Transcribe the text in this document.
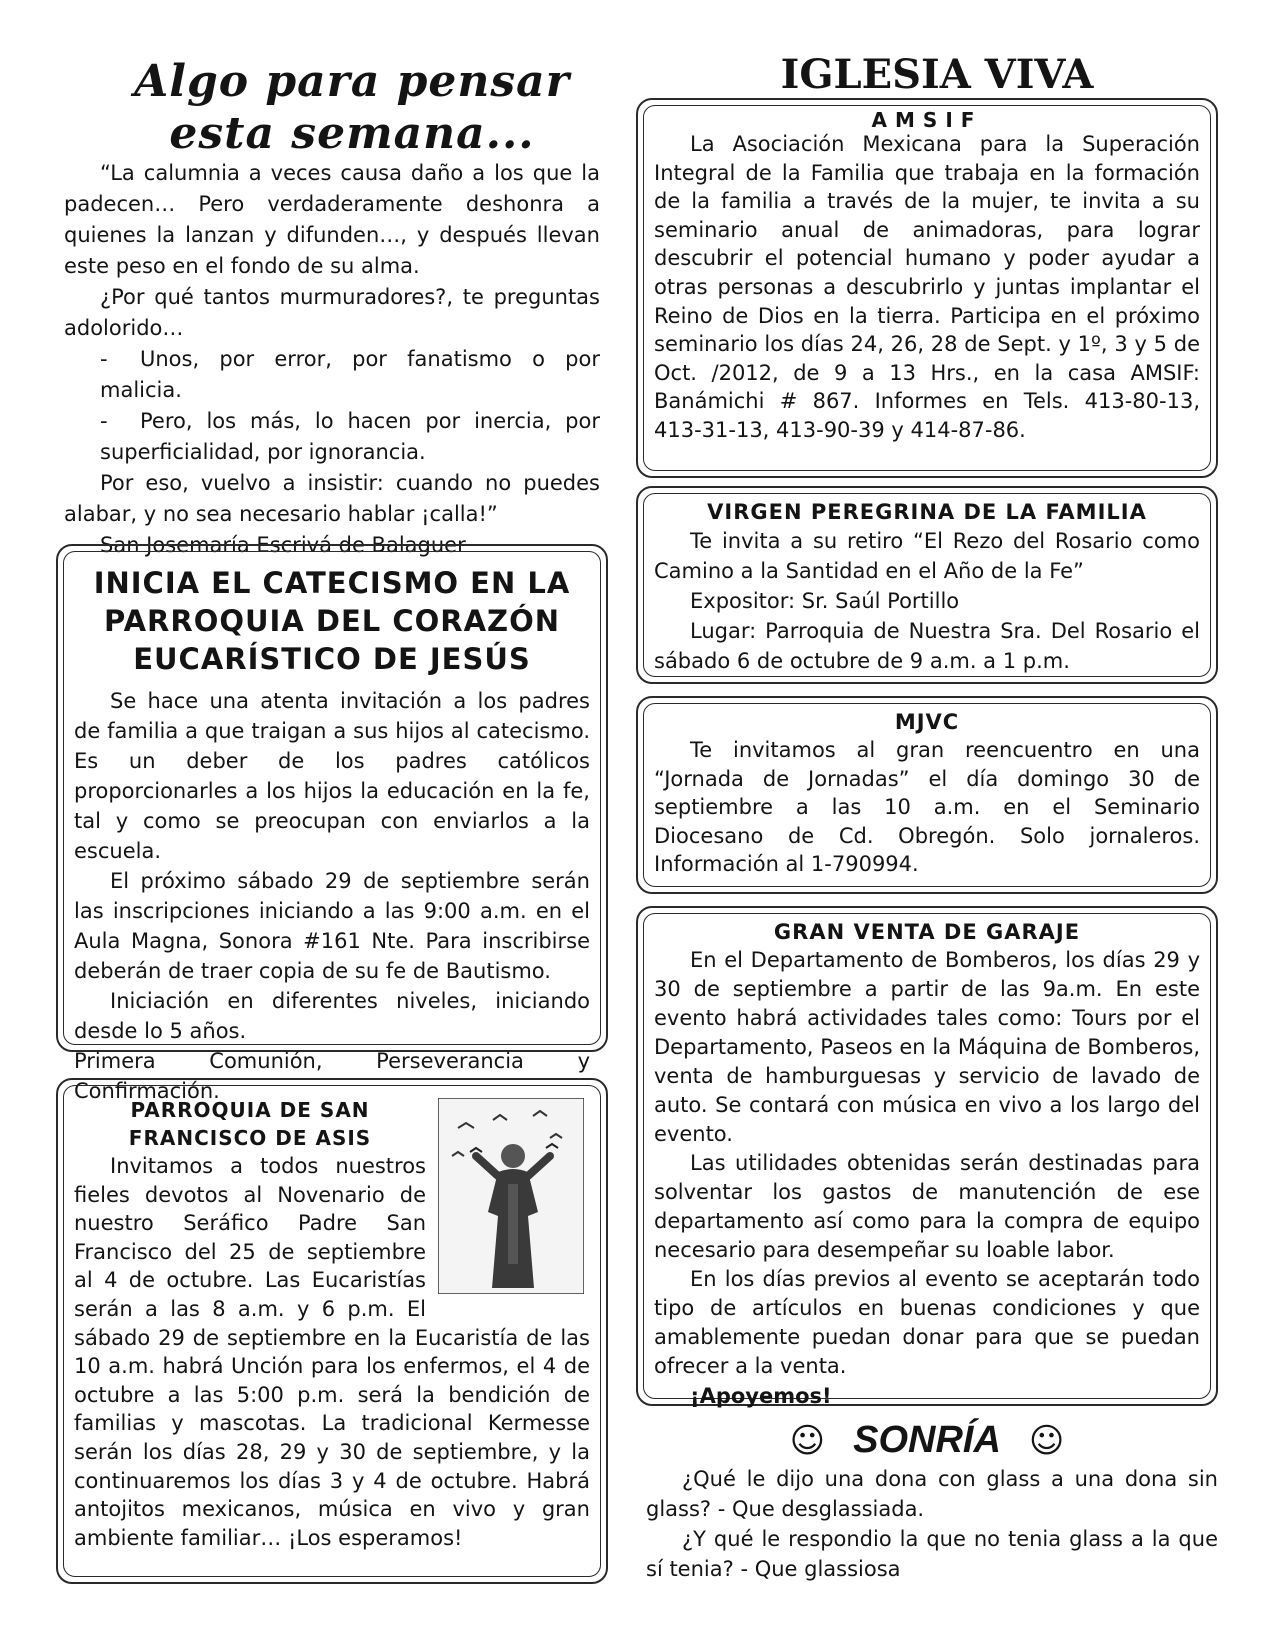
Algo para pensar esta semana...

“La calumnia a veces causa daño a los que la padecen… Pero verdaderamente deshonra a quienes la lanzan y difunden…, y después llevan este peso en el fondo de su alma.

¿Por qué tantos murmuradores?, te preguntas adolorido…

- Unos, por error, por fanatismo o por malicia.

- Pero, los más, lo hacen por inercia, por superficialidad, por ignorancia.

Por eso, vuelvo a insistir: cuando no puedes alabar, y no sea necesario hablar ¡calla!”

San Josemaría Escrivá de Balaguer

INICIA EL CATECISMO EN LA PARROQUIA DEL CORAZÓN EUCARÍSTICO DE JESÚS

Se hace una atenta invitación a los padres de familia a que traigan a sus hijos al catecismo. Es un deber de los padres católicos proporcionarles a los hijos la educación en la fe, tal y como se preocupan con enviarlos a la escuela.

El próximo sábado 29 de septiembre serán las inscripciones iniciando a las 9:00 a.m. en el Aula Magna, Sonora #161 Nte. Para inscribirse deberán de traer copia de su fe de Bautismo.

Iniciación en diferentes niveles, iniciando desde lo 5 años.

Primera Comunión, Perseverancia y Confirmación.

PARROQUIA DE SAN FRANCISCO DE ASIS

Invitamos a todos nuestros fieles devotos al Novenario de nuestro Seráfico Padre San Francisco del 25 de septiembre al 4 de octubre. Las Eucaristías serán a las 8 a.m. y 6 p.m. El sábado 29 de septiembre en la Eucaristía de las 10 a.m. habrá Unción para los enfermos, el 4 de octubre a las 5:00 p.m. será la bendición de familias y mascotas. La tradicional Kermesse serán los días 28, 29 y 30 de septiembre, y la continuaremos los días 3 y 4 de octubre. Habrá antojitos mexicanos, música en vivo y gran ambiente familiar… ¡Los esperamos!

IGLESIA VIVA
AMSIF

La Asociación Mexicana para la Superación Integral de la Familia que trabaja en la formación de la familia a través de la mujer, te invita a su seminario anual de animadoras, para lograr descubrir el potencial humano y poder ayudar a otras personas a descubrirlo y juntas implantar el Reino de Dios en la tierra. Participa en el próximo seminario los días 24, 26, 28 de Sept. y 1º, 3 y 5 de Oct. /2012, de 9 a 13 Hrs., en la casa AMSIF: Banámichi # 867. Informes en Tels. 413-80-13, 413-31-13, 413-90-39 y 414-87-86.

VIRGEN PEREGRINA DE LA FAMILIA

Te invita a su retiro “El Rezo del Rosario como Camino a la Santidad en el Año de la Fe”

Expositor: Sr. Saúl Portillo

Lugar: Parroquia de Nuestra Sra. Del Rosario el sábado 6 de octubre de 9 a.m. a 1 p.m.

MJVC

Te invitamos al gran reencuentro en una “Jornada de Jornadas” el día domingo 30 de septiembre a las 10 a.m. en el Seminario Diocesano de Cd. Obregón. Solo jornaleros. Información al 1-790994.

GRAN VENTA DE GARAJE

En el Departamento de Bomberos, los días 29 y 30 de septiembre a partir de las 9a.m. En este evento habrá actividades tales como: Tours por el Departamento, Paseos en la Máquina de Bomberos, venta de hamburguesas y servicio de lavado de auto. Se contará con música en vivo a los largo del evento.

Las utilidades obtenidas serán destinadas para solventar los gastos de manutención de ese departamento así como para la compra de equipo necesario para desempeñar su loable labor.

En los días previos al evento se aceptarán todo tipo de artículos en buenas condiciones y que amablemente puedan donar para que se puedan ofrecer a la venta.

¡Apoyemos!

☺ SONRÍA ☺

¿Qué le dijo una dona con glass a una dona sin glass? - Que desglassiada.

¿Y qué le respondio la que no tenia glass a la que sí tenia? - Que glassiosa
